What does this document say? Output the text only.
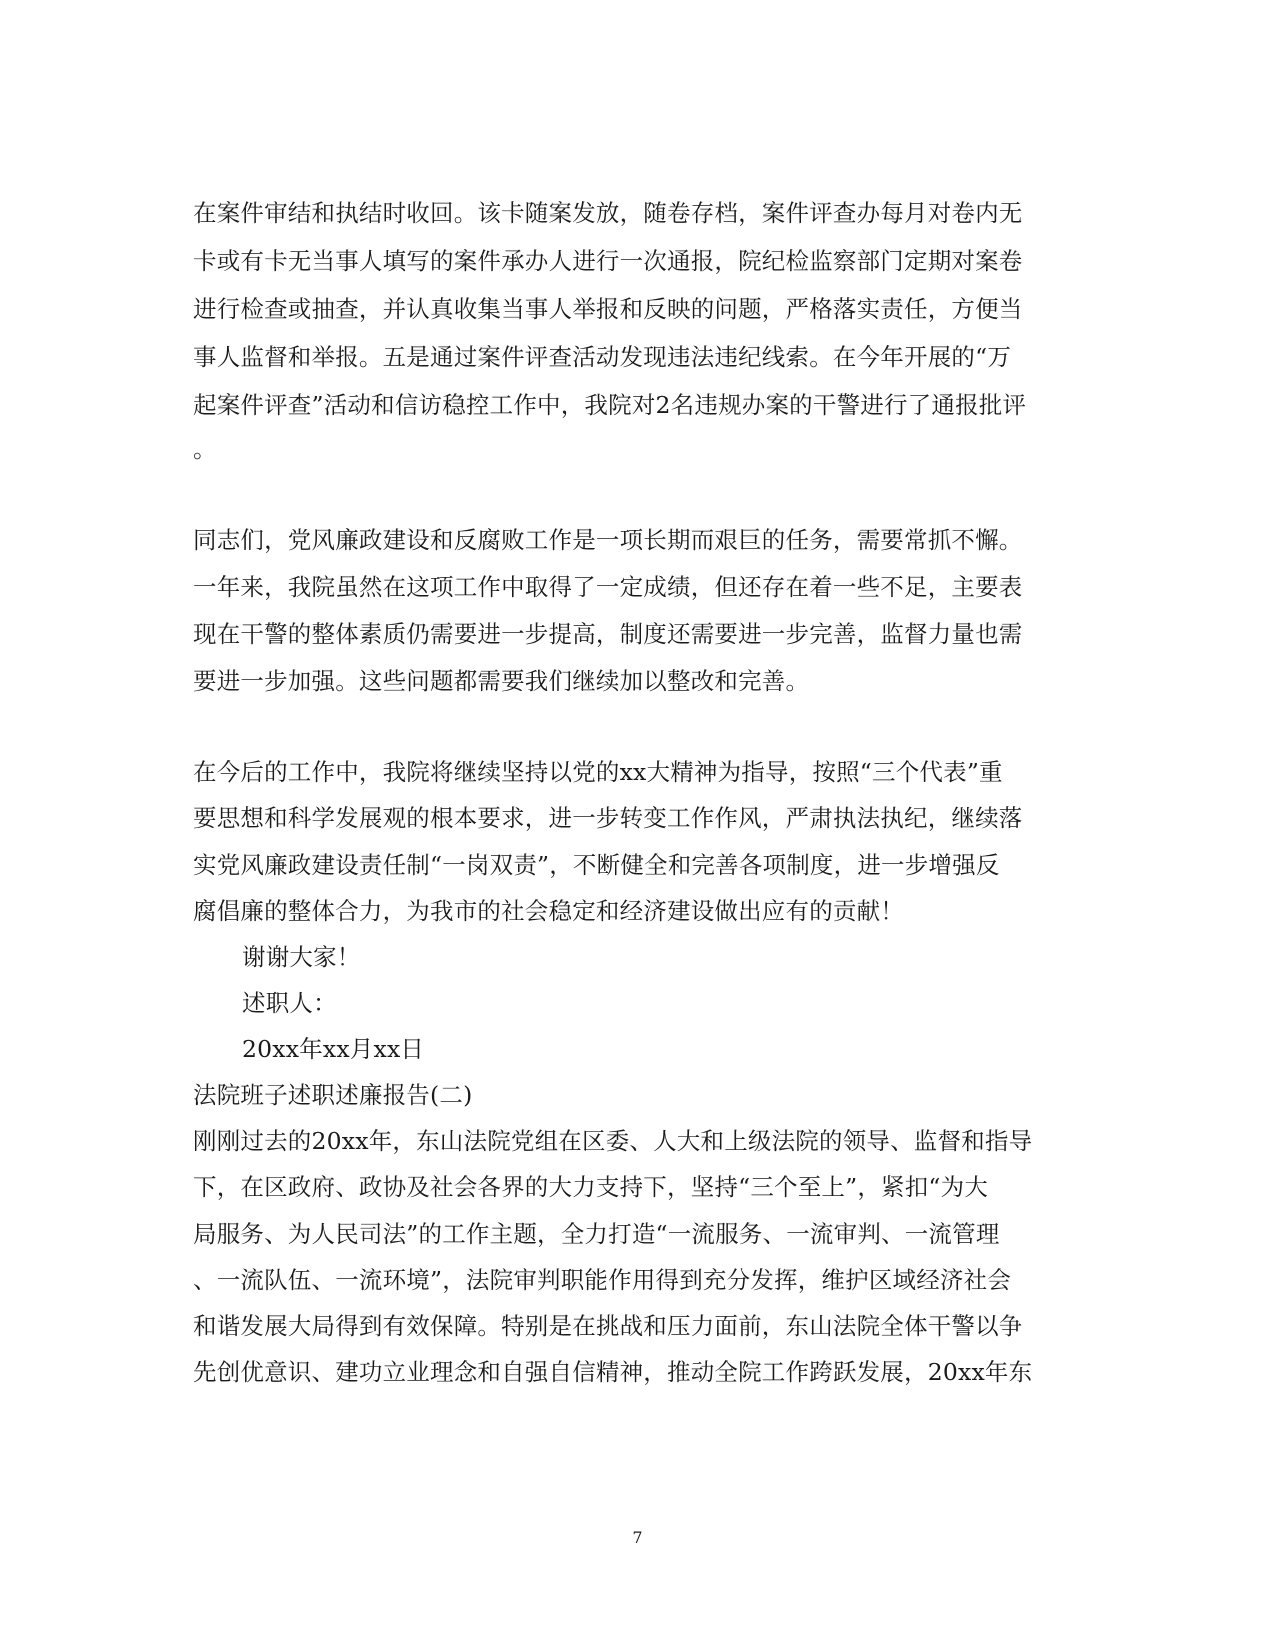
在案件审结和执结时收回。该卡随案发放，随卷存档，案件评查办每月对卷内无
卡或有卡无当事人填写的案件承办人进行一次通报，院纪检监察部门定期对案卷
进行检查或抽查，并认真收集当事人举报和反映的问题，严格落实责任，方便当
事人监督和举报。五是通过案件评查活动发现违法违纪线索。在今年开展的“万
起案件评查”活动和信访稳控工作中，我院对2名违规办案的干警进行了通报批评
。
同志们，党风廉政建设和反腐败工作是一项长期而艰巨的任务，需要常抓不懈。
一年来，我院虽然在这项工作中取得了一定成绩，但还存在着一些不足，主要表
现在干警的整体素质仍需要进一步提高，制度还需要进一步完善，监督力量也需
要进一步加强。这些问题都需要我们继续加以整改和完善。
在今后的工作中，我院将继续坚持以党的xx大精神为指导，按照“三个代表”重
要思想和科学发展观的根本要求，进一步转变工作作风，严肃执法执纪，继续落
实党风廉政建设责任制“一岗双责”，不断健全和完善各项制度，进一步增强反
腐倡廉的整体合力，为我市的社会稳定和经济建设做出应有的贡献！
谢谢大家！
述职人：
20xx年xx月xx日
法院班子述职述廉报告(二)
刚刚过去的20xx年，东山法院党组在区委、人大和上级法院的领导、监督和指导
下，在区政府、政协及社会各界的大力支持下，坚持“三个至上”，紧扣“为大
局服务、为人民司法”的工作主题，全力打造“一流服务、一流审判、一流管理
、一流队伍、一流环境”，法院审判职能作用得到充分发挥，维护区域经济社会
和谐发展大局得到有效保障。特别是在挑战和压力面前，东山法院全体干警以争
先创优意识、建功立业理念和自强自信精神，推动全院工作跨跃发展，20xx年东
7
